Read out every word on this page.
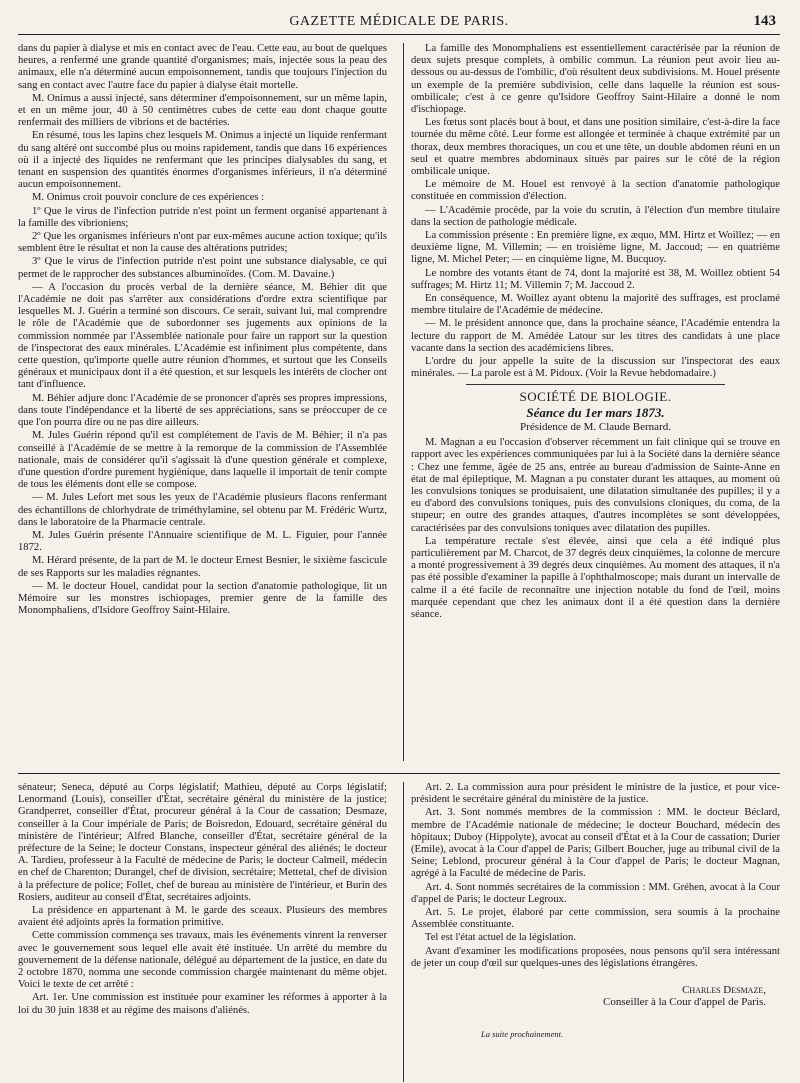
GAZETTE MÉDICALE DE PARIS.	143

dans du papier à dialyse et mis en contact avec de l'eau. Cette eau, au bout de quelques heures, a renfermé une grande quantité d'organismes; mais, injectée sous la peau des animaux, elle n'a déterminé aucun empoisonnement, tandis que toujours l'injection du sang en contact avec l'autre face du papier à dialyse était mortelle.

M. Onimus a aussi injecté, sans déterminer d'empoisonnement, sur un même lapin, et en un même jour, 40 à 50 centimètres cubes de cette eau dont chaque goutte renfermait des milliers de vibrions et de bactéries.

En résumé, tous les lapins chez lesquels M. Onimus a injecté un liquide renfermant du sang altéré ont succombé plus ou moins rapidement, tandis que dans 16 expériences où il a injecté des liquides ne renfermant que les principes dialysables du sang, et tenant en suspension des quantités énormes d'organismes inférieurs, il n'a déterminé aucun empoisonnement.

M. Onimus croit pouvoir conclure de ces expériences :

1º Que le virus de l'infection putride n'est point un ferment organisé appartenant à la famille des vibrioniens;

2º Que les organismes inférieurs n'ont par eux-mêmes aucune action toxique; qu'ils semblent être le résultat et non la cause des altérations putrides;

3º Que le virus de l'infection putride n'est point une substance dialysable, ce qui permet de le rapprocher des substances albuminoïdes. (Com. M. Davaine.)

— A l'occasion du procès verbal de la dernière séance, M. Béhier dit que l'Académie ne doit pas s'arrêter aux considérations d'ordre extra scientifique par lesquelles M. J. Guérin a terminé son discours. Ce serait, suivant lui, mal comprendre le rôle de l'Académie que de subordonner ses jugements aux opinions de la commission nommée par l'Assemblée nationale pour faire un rapport sur la question de l'inspectorat des eaux minérales. L'Académie est infiniment plus compétente, dans cette question, qu'importe quelle autre réunion d'hommes, et surtout que les Conseils généraux et municipaux dont il a été question, et sur lesquels les intérêts de clocher ont tant d'influence.

M. Béhier adjure donc l'Académie de se prononcer d'après ses propres impressions, dans toute l'indépendance et la liberté de ses appréciations, sans se préoccuper de ce que l'on pourra dire ou ne pas dire ailleurs.

M. Jules Guérin répond qu'il est complétement de l'avis de M. Béhier; il n'a pas conseillé à l'Académie de se mettre à la remorque de la commission de l'Assemblée nationale, mais de considérer qu'il s'agissait là d'une question générale et complexe, d'une question d'ordre purement hygiénique, dans laquelle il importait de tenir compte de tous les éléments dont elle se compose.

— M. Jules Lefort met sous les yeux de l'Académie plusieurs flacons renfermant des échantillons de chlorhydrate de triméthylamine, sel obtenu par M. Frédéric Wurtz, dans le laboratoire de la Pharmacie centrale.

M. Jules Guérin présente l'Annuaire scientifique de M. L. Figuier, pour l'année 1872.

M. Hérard présente, de la part de M. le docteur Ernest Besnier, le sixième fascicule de ses Rapports sur les maladies régnantes.

— M. le docteur Houel, candidat pour la section d'anatomie pathologique, lit un Mémoire sur les monstres ischiopages, premier genre de la famille des Monomphaliens, d'Isidore Geoffroy Saint-Hilaire.

La famille des Monomphaliens est essentiellement caractérisée par la réunion de deux sujets presque complets, à ombilic commun. La réunion peut avoir lieu au-dessous ou au-dessus de l'ombilic, d'où résultent deux subdivisions. M. Houel présente un exemple de la première subdivision, celle dans laquelle la réunion est sous-ombilicale; c'est à ce genre qu'Isidore Geoffroy Saint-Hilaire a donné le nom d'ischiopage.

Les fœtus sont placés bout à bout, et dans une position similaire, c'est-à-dire la face tournée du même côté. Leur forme est allongée et terminée à chaque extrémité par un thorax, deux membres thoraciques, un cou et une tête, un double abdomen réuni en un seul et quatre membres abdominaux situés par paires sur le côté de la région ombilicale unique.

Le mémoire de M. Houel est renvoyé à la section d'anatomie pathologique constituée en commission d'élection.

— L'Académie procède, par la voie du scrutin, à l'élection d'un membre titulaire dans la section de pathologie médicale.

La commission présente : En première ligne, ex æquo, MM. Hirtz et Woillez; — en deuxième ligne, M. Villemin; — en troisième ligne, M. Jaccoud; — en quatrième ligne, M. Michel Peter; — en cinquième ligne, M. Bucquoy.

Le nombre des votants étant de 74, dont la majorité est 38, M. Woillez obtient 54 suffrages; M. Hirtz 11; M. Villemin 7; M. Jaccoud 2.

En conséquence, M. Woillez ayant obtenu la majorité des suffrages, est proclamé membre titulaire de l'Académie de médecine.

— M. le président annonce que, dans la prochaine séance, l'Académie entendra la lecture du rapport de M. Amédée Latour sur les titres des candidats à une place vacante dans la section des académiciens libres.

L'ordre du jour appelle la suite de la discussion sur l'inspectorat des eaux minérales. — La parole est à M. Pidoux. (Voir la Revue hebdomadaire.)

SOCIÉTÉ DE BIOLOGIE.
Séance du 1er mars 1873.
Présidence de M. Claude Bernard.

M. Magnan a eu l'occasion d'observer récemment un fait clinique qui se trouve en rapport avec les expériences communiquées par lui à la Société dans la dernière séance : Chez une femme, âgée de 25 ans, entrée au bureau d'admission de Sainte-Anne en état de mal épileptique, M. Magnan a pu constater durant les attaques, au moment où les convulsions toniques se produisaient, une dilatation simultanée des pupilles; il y a eu d'abord des convulsions toniques, puis des convulsions cloniques, du coma, de la stupeur; en outre des grandes attaques, d'autres incomplètes se sont développées, caractérisées par des convulsions toniques avec dilatation des pupilles.

La température rectale s'est élevée, ainsi que cela a été indiqué plus particulièrement par M. Charcot, de 37 degrés deux cinquièmes, la colonne de mercure a monté progressivement à 39 degrés deux cinquièmes. Au moment des attaques, il n'a pas été possible d'examiner la papille à l'ophthalmoscope; mais durant un intervalle de calme il a été facile de reconnaître une injection notable du fond de l'œil, moins marquée cependant que chez les animaux dont il a été question dans la dernière séance.

sénateur; Seneca, député au Corps législatif; Mathieu, député au Corps législatif; Lenormand (Louis), conseiller d'État, secrétaire général du ministère de la justice; Grandperret, conseiller d'État, procureur général à la Cour de cassation; Desmaze, conseiller à la Cour impériale de Paris; de Boisredon, Edouard, secrétaire général du ministère de l'intérieur; Alfred Blanche, conseiller d'État, secrétaire général de la préfecture de la Seine; le docteur Constans, inspecteur général des aliénés; le docteur A. Tardieu, professeur à la Faculté de médecine de Paris; le docteur Calmeil, médecin en chef de Charenton; Durangel, chef de division, secrétaire; Mettetal, chef de division à la préfecture de police; Follet, chef de bureau au ministère de l'intérieur, et Burin des Rosiers, auditeur au conseil d'État, secrétaires adjoints.

La présidence en appartenant à M. le garde des sceaux. Plusieurs des membres avaient été adjoints après la formation primitive.

Cette commission commença ses travaux, mais les événements vinrent la renverser avec le gouvernement sous lequel elle avait été instituée. Un arrêté du membre du gouvernement de la défense nationale, délégué au département de la justice, en date du 2 octobre 1870, nomma une seconde commission chargée maintenant du même objet. Voici le texte de cet arrêté :

Art. 1er. Une commission est instituée pour examiner les réformes à apporter à la loi du 30 juin 1838 et au régime des maisons d'aliénés.

Art. 2. La commission aura pour président le ministre de la justice, et pour vice-président le secrétaire général du ministère de la justice.

Art. 3. Sont nommés membres de la commission : MM. le docteur Béclard, membre de l'Académie nationale de médecine; le docteur Bouchard, médecin des hôpitaux; Duboy (Hippolyte), avocat au conseil d'État et à la Cour de cassation; Durier (Emile), avocat à la Cour d'appel de Paris; Gilbert Boucher, juge au tribunal civil de la Seine; Leblond, procureur général à la Cour d'appel de Paris; le docteur Magnan, agrégé à la Faculté de médecine de Paris.

Art. 4. Sont nommés secrétaires de la commission : MM. Gréhen, avocat à la Cour d'appel de Paris; le docteur Legroux.

Art. 5. Le projet, élaboré par cette commission, sera soumis à la prochaine Assemblée constituante.

Tel est l'état actuel de la législation.

Avant d'examiner les modifications proposées, nous pensons qu'il sera intéressant de jeter un coup d'œil sur quelques-unes des législations étrangères.

Charles Desmaze,
Conseiller à la Cour d'appel de Paris.
La suite prochainement.
